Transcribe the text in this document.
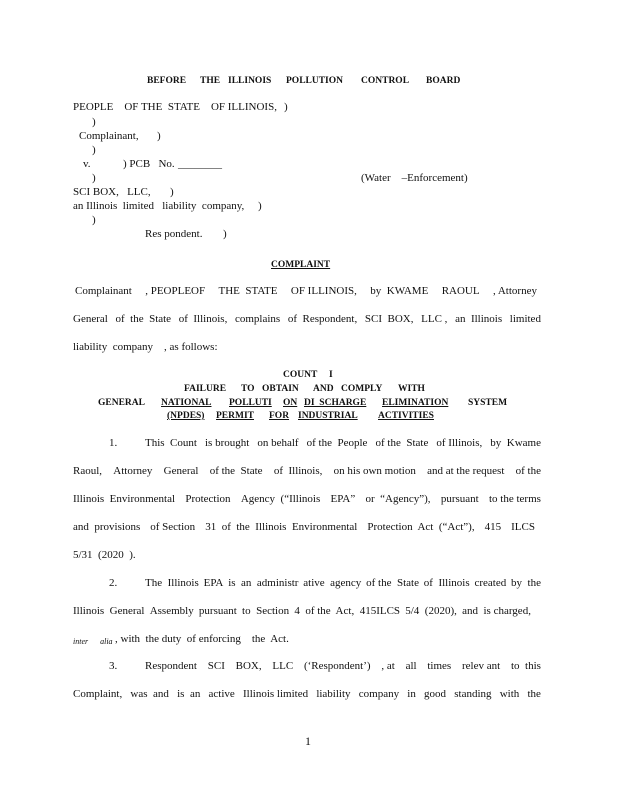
BEFORE THE ILLINOIS POLLUTION CONTROL BOARD
PEOPLE    OF THE  STATE    OF ILLINOIS, )
)
Complainant, )
)
v.	) PCB   No. ________
)	(Water    –Enforcement)
SCI BOX,   LLC, )
an Illinois  limited   liability  company, )
)
Res pondent. )
COMPLAINT
Complainant , PEOPLEOF THE  STATE OF ILLINOIS, by  KWAME RAOUL , Attorney
General of  the  State of  Illinois, complains of  Respondent, SCI  BOX, LLC , an  Illinois limited
liability  company    , as follows:
COUNT I
FAILURE TO OBTAIN AND COMPLY WITH
GENERAL NATIONAL POLLUTI ON DI  SCHARGE ELIMINATION SYSTEM
(NPDES) PERMIT FOR INDUSTRIAL ACTIVITIES
1.	This  Count is brought on behalf of the  People of the  State of Illinois, by  Kwame
Raoul, Attorney General of the  State of  Illinois, on his own motion and at the request of the
Illinois  Environmental Protection Agency  (“Illinois EPA” or  “Agency”), pursuant to the terms
and  provisions of Section 31  of  the  Illinois  Environmental Protection  Act  (“Act”), 415 ILCS
5/31  (2020  ).
2.	The  Illinois EPA is  an  administr ative  agency of the  State of  Illinois created by  the
Illinois  General Assembly pursuant to  Section 4  of the  Act,  415ILCS 5/4  (2020), and  is charged,
inter      alia , with  the duty  of enforcing    the  Act.
3.	Respondent SCI BOX, LLC (‘Respondent’) , at all times relev ant to  this
Complaint, was  and is  an active Illinois limited liability company in good standing with the
1
